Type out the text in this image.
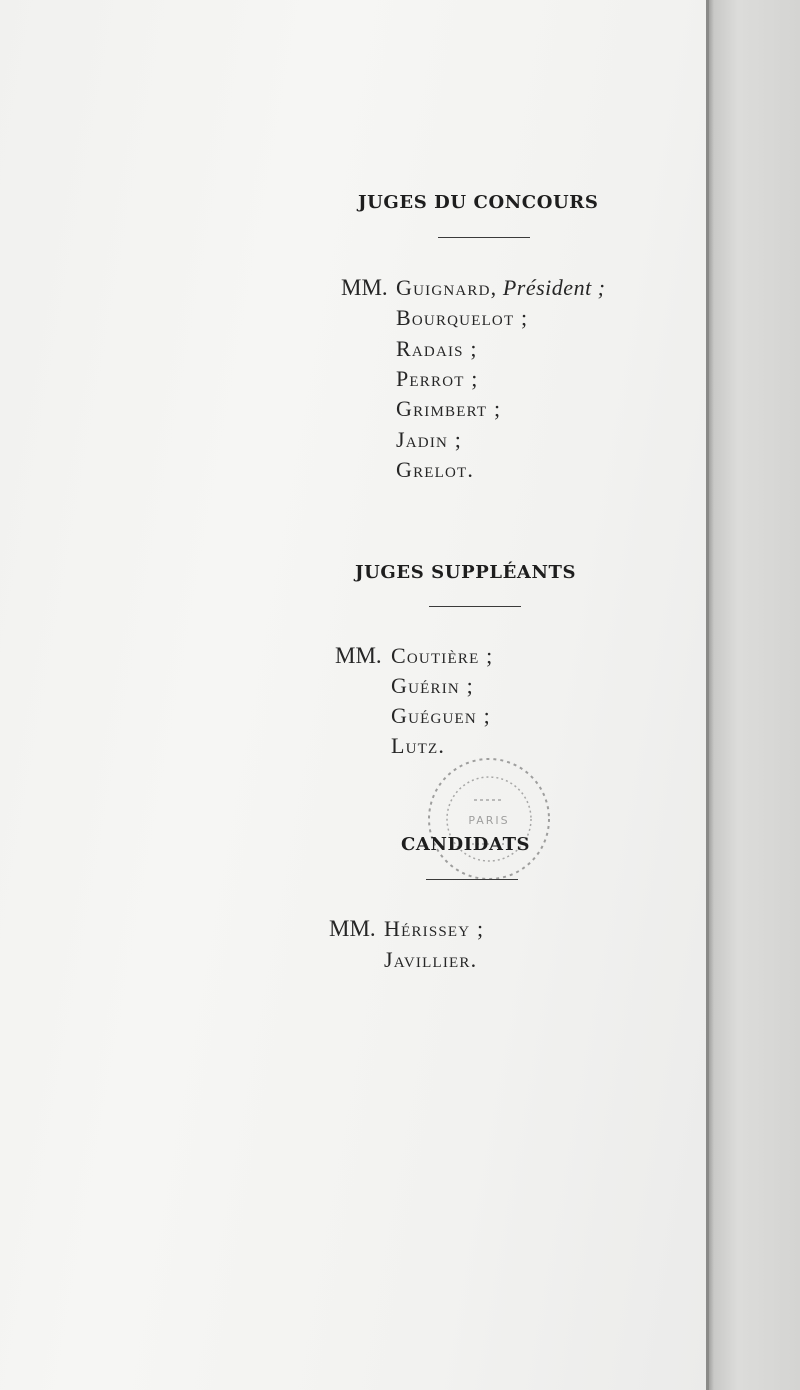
JUGES DU CONCOURS
MM. Guignard, Président ;
Bourquelot ;
Radais ;
Perrot ;
Grimbert ;
Jadin ;
Grelot.
JUGES SUPPLÉANTS
MM. Coutière ;
Guérin ;
Guéguen ;
Lutz.
PARIS
CANDIDATS
MM. Hérissey ;
Javillier.
